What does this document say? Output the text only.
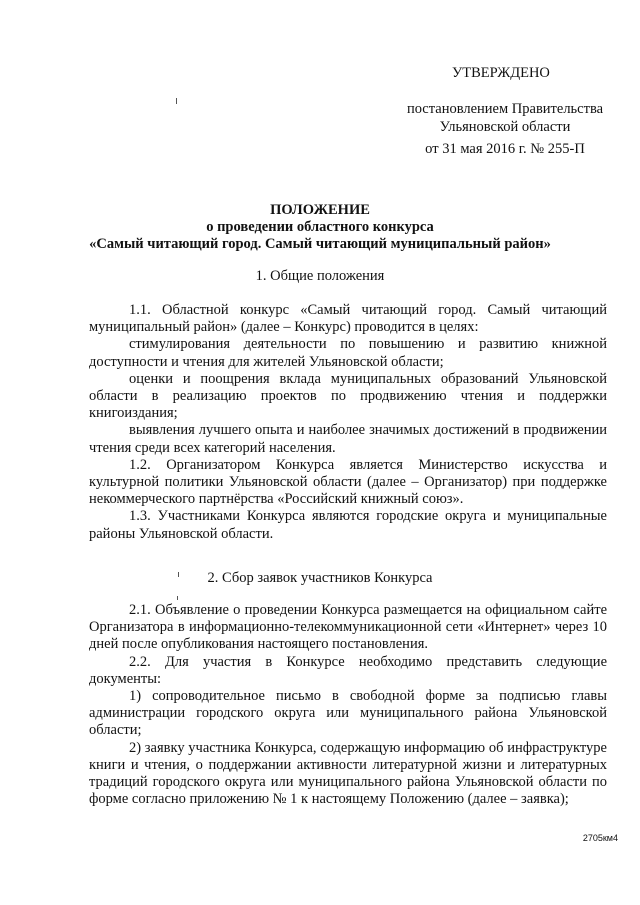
УТВЕРЖДЕНО
постановлением Правительства
Ульяновской области
от 31 мая 2016 г. № 255-П
ПОЛОЖЕНИЕ
о проведении областного конкурса
«Самый читающий город. Самый читающий муниципальный район»
1. Общие положения

1.1. Областной конкурс «Самый читающий город. Самый читающий муниципальный район» (далее – Конкурс) проводится в целях:

стимулирования деятельности по повышению и развитию книжной доступности и чтения для жителей Ульяновской области;

оценки и поощрения вклада муниципальных образований Ульяновской области в реализацию проектов по продвижению чтения и поддержки книгоиздания;

выявления лучшего опыта и наиболее значимых достижений в продвижении чтения среди всех категорий населения.

1.2. Организатором Конкурса является Министерство искусства и культурной политики Ульяновской области (далее – Организатор) при поддержке некоммерческого партнёрства «Российский книжный союз».

1.3. Участниками Конкурса являются городские округа и муниципальные районы Ульяновской области.

2. Сбор заявок участников Конкурса

2.1. Объявление о проведении Конкурса размещается на официальном сайте Организатора в информационно-телекоммуникационной сети «Интернет» через 10 дней после опубликования настоящего постановления.

2.2. Для участия в Конкурсе необходимо представить следующие документы:

1) сопроводительное письмо в свободной форме за подписью главы администрации городского округа или муниципального района Ульяновской области;

2) заявку участника Конкурса, содержащую информацию об инфраструктуре книги и чтения, о поддержании активности литературной жизни и литературных традиций городского округа или муниципального района Ульяновской области по форме согласно приложению № 1 к настоящему Положению (далее – заявка);

2705км4
